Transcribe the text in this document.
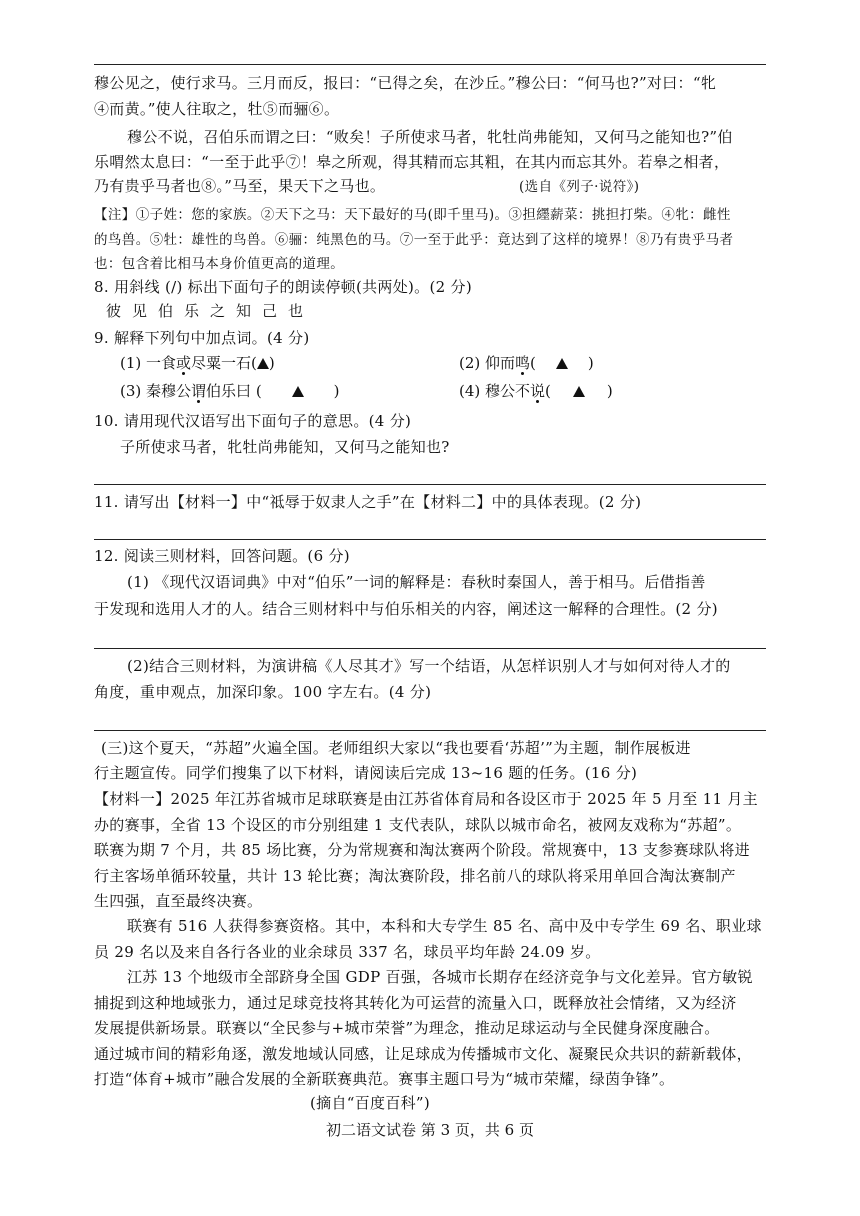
穆公见之，使行求马。三月而反，报曰：“已得之矣，在沙丘。”穆公曰：“何马也?”对曰：“牝
④而黄。”使人往取之，牡⑤而骊⑥。
穆公不说，召伯乐而谓之曰：“败矣！子所使求马者，牝牡尚弗能知，又何马之能知也?”伯
乐喟然太息曰：“一至于此乎⑦！皋之所观，得其精而忘其粗，在其内而忘其外。若皋之相者，
乃有贵乎马者也⑧。”马至，果天下之马也。	(选自《列子·说符》)
【注】①子姓：您的家族。②天下之马：天下最好的马(即千里马)。③担纆薪菜：挑担打柴。④牝：雌性
的鸟兽。⑤牡：雄性的鸟兽。⑥骊：纯黑色的马。⑦一至于此乎：竟达到了这样的境界！⑧乃有贵乎马者
也：包含着比相马本身价值更高的道理。
8. 用斜线 (/) 标出下面句子的朗读停顿(共两处)。(2 分)
彼见伯乐之知己也
9. 解释下列句中加点词。(4 分)
(1) 一食或尽粟一石( )	(2) 仰而鸣(	)
(3) 秦穆公谓伯乐曰 (	)	(4) 穆公不说(	)
10. 请用现代汉语写出下面句子的意思。(4 分)
子所使求马者，牝牡尚弗能知，又何马之能知也?
11. 请写出【材料一】中“祗辱于奴隶人之手”在【材料二】中的具体表现。(2 分)
12. 阅读三则材料，回答问题。(6 分)
(1) 《现代汉语词典》中对“伯乐”一词的解释是：春秋时秦国人，善于相马。后借指善
于发现和选用人才的人。结合三则材料中与伯乐相关的内容，阐述这一解释的合理性。(2 分)
(2)结合三则材料，为演讲稿《人尽其才》写一个结语，从怎样识别人才与如何对待人才的
角度，重申观点，加深印象。100 字左右。(4 分)
(三)这个夏天，“苏超”火遍全国。老师组织大家以“我也要看‘苏超’”为主题，制作展板进
行主题宣传。同学们搜集了以下材料，请阅读后完成 13~16 题的任务。(16 分)
【材料一】2025 年江苏省城市足球联赛是由江苏省体育局和各设区市于 2025 年 5 月至 11 月主
办的赛事，全省 13 个设区的市分别组建 1 支代表队，球队以城市命名，被网友戏称为“苏超”。
联赛为期 7 个月，共 85 场比赛，分为常规赛和淘汰赛两个阶段。常规赛中，13 支参赛球队将进
行主客场单循环较量，共计 13 轮比赛；淘汰赛阶段，排名前八的球队将采用单回合淘汰赛制产
生四强，直至最终决赛。
联赛有 516 人获得参赛资格。其中，本科和大专学生 85 名、高中及中专学生 69 名、职业球
员 29 名以及来自各行各业的业余球员 337 名，球员平均年龄 24.09 岁。
江苏 13 个地级市全部跻身全国 GDP 百强，各城市长期存在经济竞争与文化差异。官方敏锐
捕捉到这种地域张力，通过足球竞技将其转化为可运营的流量入口，既释放社会情绪，又为经济
发展提供新场景。联赛以“全民参与+城市荣誉”为理念，推动足球运动与全民健身深度融合。
通过城市间的精彩角逐，激发地域认同感，让足球成为传播城市文化、凝聚民众共识的薪新载体，
打造“体育+城市”融合发展的全新联赛典范。赛事主题口号为“城市荣耀，绿茵争锋”。
(摘自“百度百科”)
初二语文试卷 第 3 页，共 6 页
